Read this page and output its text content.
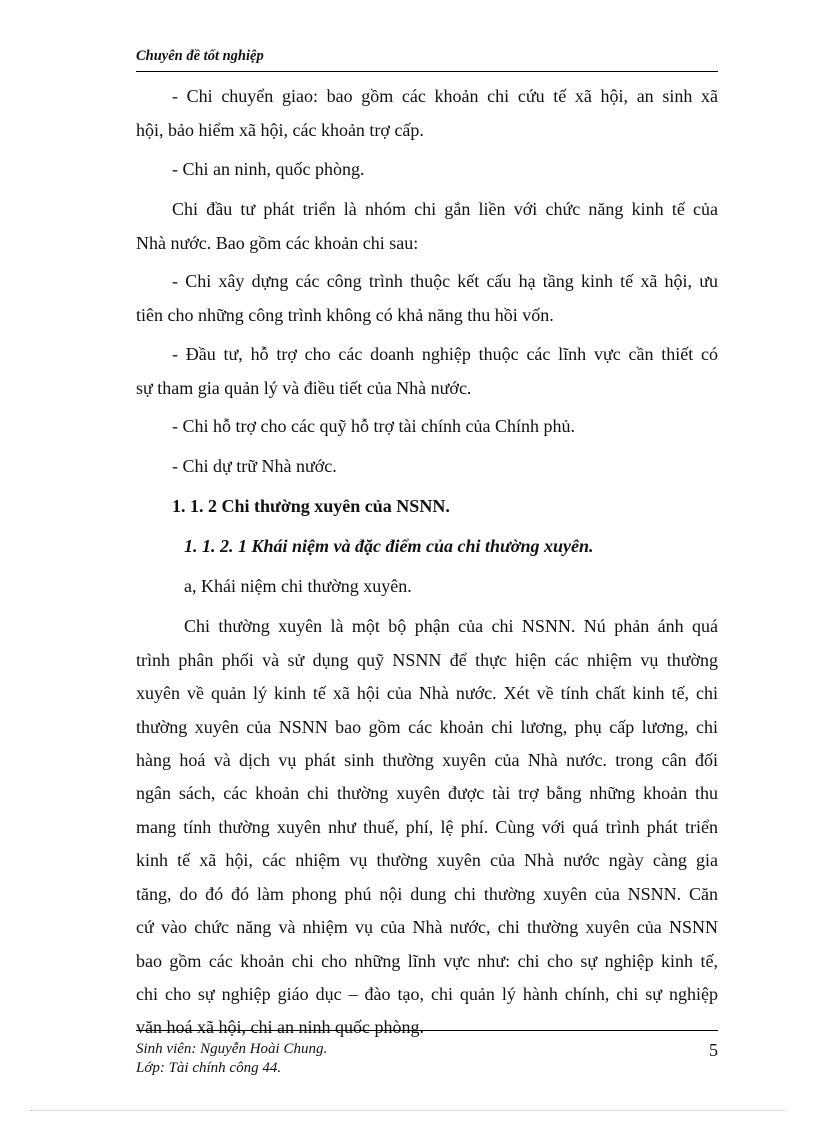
Chuyên đề tốt nghiệp
- Chi chuyển giao: bao gồm các khoản chi cứu tế xã hội, an sinh xã
hội, bảo hiểm xã hội, các khoản trợ cấp.
- Chi an ninh, quốc phòng.
Chi đầu tư phát triển là nhóm chi gắn liền với chức năng kinh tế của
Nhà nước. Bao gồm các khoản chi sau:
- Chi xây dựng các công trình thuộc kết cấu hạ tầng kinh tế xã hội, ưu
tiên cho những công trình không có khả năng thu hồi vốn.
- Đầu tư, hỗ trợ cho các doanh nghiệp thuộc các lĩnh vực cần thiết có
sự tham gia quản lý và điều tiết của Nhà nước.
- Chi hỗ trợ cho các quỹ hỗ trợ tài chính của Chính phủ.
- Chi dự trữ Nhà nước.
1. 1. 2 Chi thường xuyên của NSNN.
1. 1. 2. 1 Khái niệm và đặc điểm của chi thường xuyên.
a, Khái niệm chi thường xuyên.
Chi thường xuyên là một bộ phận của chi NSNN. Nú phản ánh quá
trình phân phối và sử dụng quỹ NSNN để thực hiện các nhiệm vụ thường
xuyên về quản lý kinh tế xã hội của Nhà nước. Xét về tính chất kinh tế, chi
thường xuyên của NSNN bao gồm các khoản chi lương, phụ cấp lương, chi
hàng hoá và dịch vụ phát sinh thường xuyên của Nhà nước. trong cân đối
ngân sách, các khoản chi thường xuyên được tài trợ bằng những khoản thu
mang tính thường xuyên như thuế, phí, lệ phí. Cùng với quá trình phát triển
kinh tế xã hội, các nhiệm vụ thường xuyên của Nhà nước ngày càng gia
tăng, do đó đó làm phong phú nội dung chi thường xuyên của NSNN. Căn
cứ vào chức năng và nhiệm vụ của Nhà nước, chi thường xuyên của NSNN
bao gồm các khoản chi cho những lĩnh vực như: chi cho sự nghiệp kinh tế,
chi cho sự nghiệp giáo dục – đào tạo, chi quản lý hành chính, chi sự nghiệp
văn hoá xã hội, chi an ninh quốc phòng.
Sinh viên: Nguyễn Hoài Chung.
Lớp: Tài chính công 44.
5
